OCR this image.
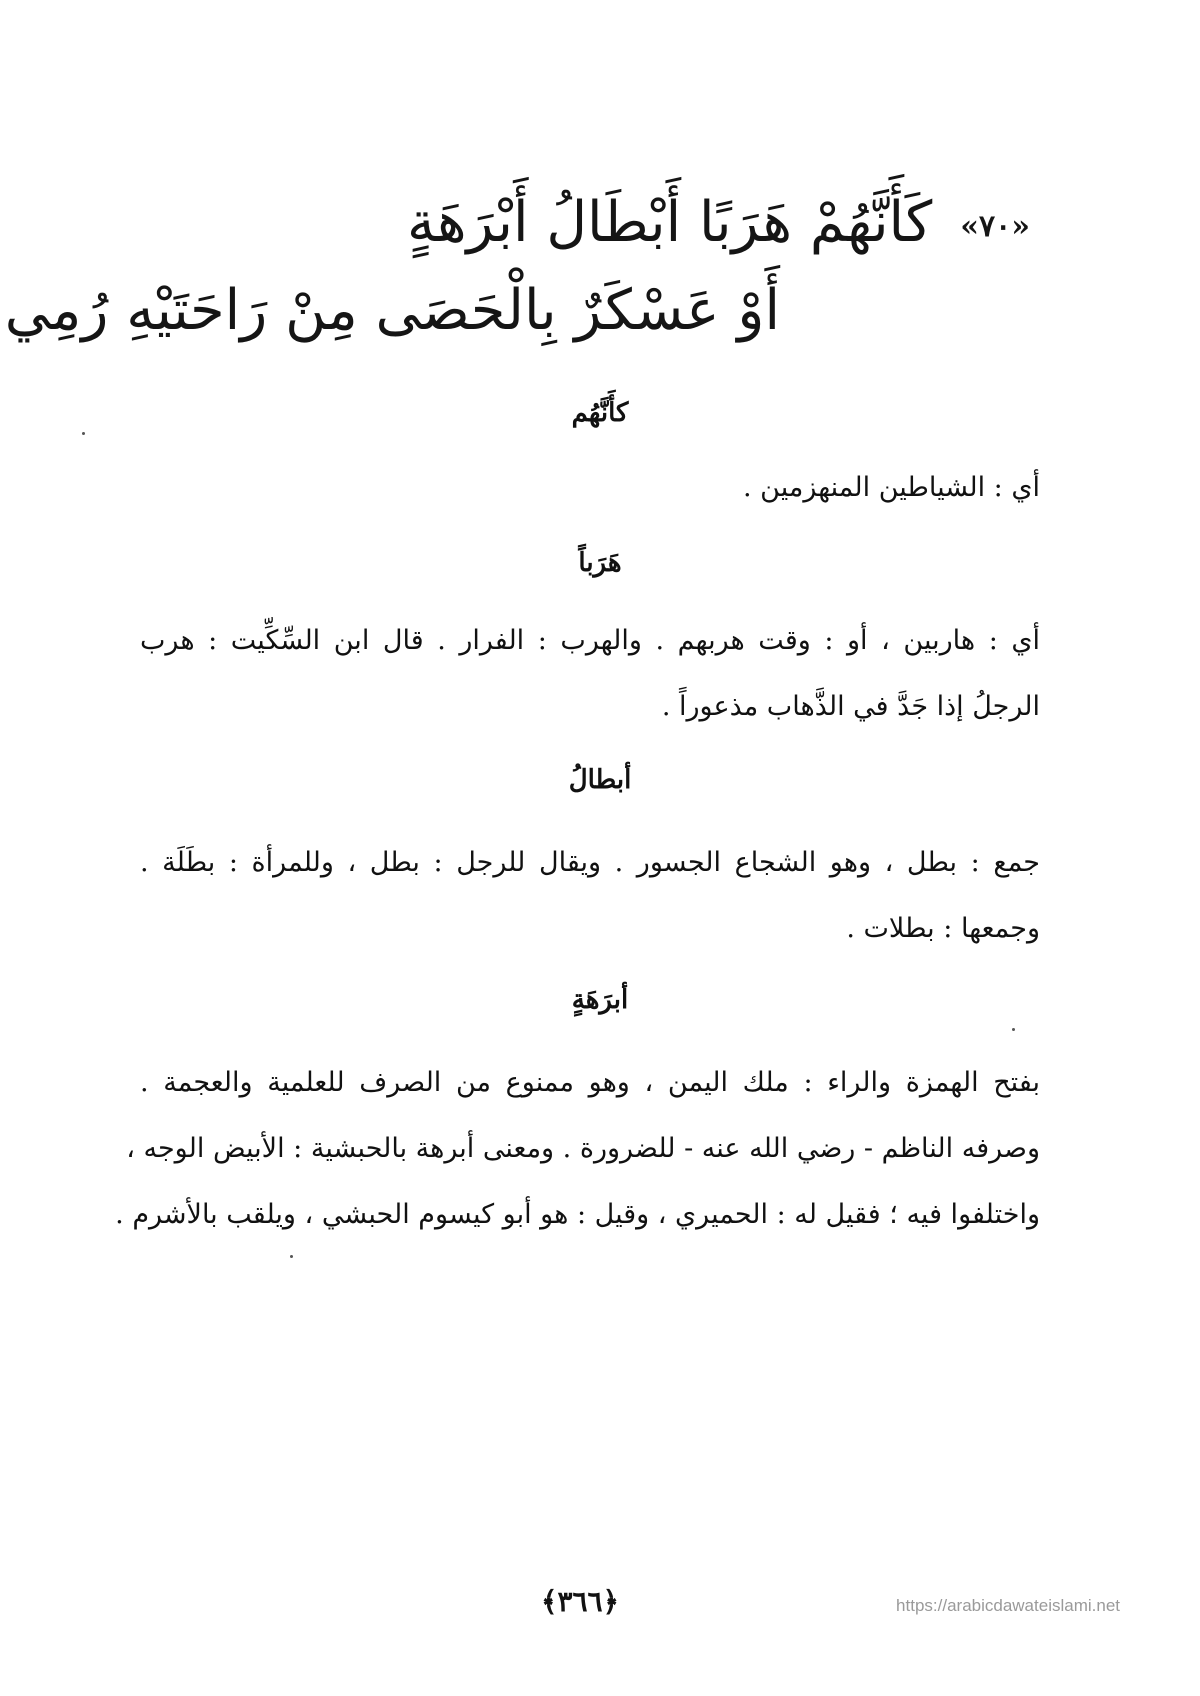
«٧٠»كَأَنَّهُمْ هَرَبًا أَبْطَالُ أَبْرَهَةٍ
أَوْ عَسْكَرٌ بِالْحَصَى مِنْ رَاحَتَيْهِ رُمِي
كأَنَّهُم
أي : الشياطين المنهزمين .
هَرَباً
أي : هاربين ، أو : وقت هربهم . والهرب : الفرار . قال ابن السِّكِّيت : هرب
الرجلُ إذا جَدَّ في الذَّهاب مذعوراً .
أبطالُ
جمع : بطل ، وهو الشجاع الجسور . ويقال للرجل : بطل ، وللمرأة : بطَلَة .
وجمعها : بطلات .
أبرَهَةٍ
بفتح الهمزة والراء : ملك اليمن ، وهو ممنوع من الصرف للعلمية والعجمة .
وصرفه الناظم - رضي الله عنه - للضرورة . ومعنى أبرهة بالحبشية : الأبيض الوجه ،
واختلفوا فيه ؛ فقيل له : الحميري ، وقيل : هو أبو كيسوم الحبشي ، ويلقب بالأشرم .
﴿٣٦٦﴾	https://arabicdawateislami.net
